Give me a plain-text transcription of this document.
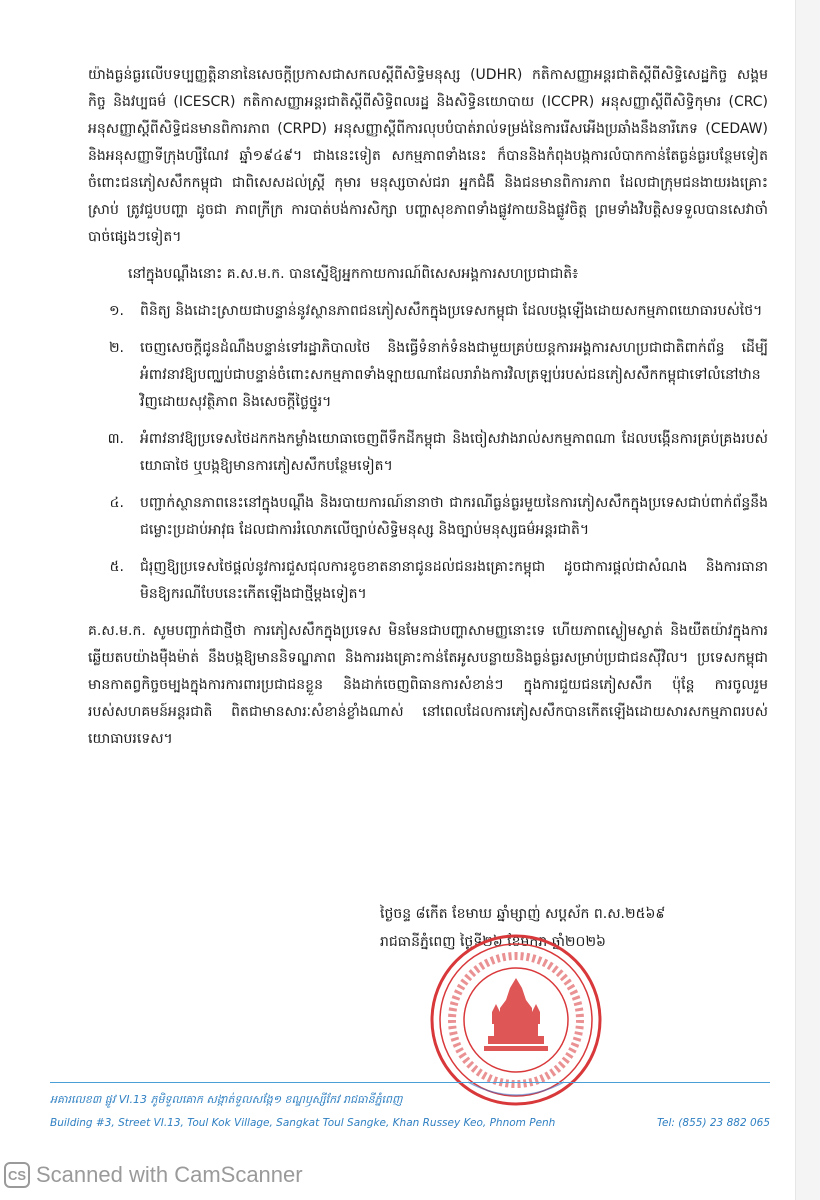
យ៉ាងធ្ងន់ធ្ងរលើបទប្បញ្ញត្តិនានានៃសេចក្តីប្រកាសជាសកលស្តីពីសិទ្ធិមនុស្ស (UDHR) កតិកាសញ្ញាអន្តរជាតិស្តីពីសិទ្ធិសេដ្ឋកិច្ច សង្គមកិច្ច និងវប្បធម៌ (ICESCR) កតិកាសញ្ញាអន្តរជាតិស្តីពីសិទ្ធិពលរដ្ឋ និងសិទ្ធិនយោបាយ (ICCPR) អនុសញ្ញាស្តីពីសិទ្ធិកុមារ (CRC) អនុសញ្ញាស្តីពីសិទ្ធិជនមានពិការភាព (CRPD) អនុសញ្ញាស្តីពីការលុបបំបាត់រាល់ទម្រង់នៃការរើសអើងប្រឆាំងនឹងនារីភេទ (CEDAW) និងអនុសញ្ញាទីក្រុងហ្សឺណែវ ឆ្នាំ១៩៤៩។ ជាងនេះទៀត សកម្មភាពទាំងនេះ ក៏បាននិងកំពុងបង្កការលំបាកកាន់តែធ្ងន់ធ្ងរបន្ថែមទៀតចំពោះជនភៀសសឹកកម្ពុជា ជាពិសេសដល់ស្ត្រី កុមារ មនុស្សចាស់ជរា អ្នកជំងឺ និងជនមានពិការភាព ដែលជាក្រុមជនងាយរងគ្រោះស្រាប់ ត្រូវជួបបញ្ហា ដូចជា ភាពក្រីក្រ ការបាត់បង់ការសិក្សា បញ្ហាសុខភាពទាំងផ្លូវកាយនិងផ្លូវចិត្ត ព្រមទាំងវិបត្តិសទទួលបានសេវាចាំបាច់ផ្សេងៗទៀត។

នៅក្នុងបណ្តឹងនោះ គ.ស.ម.ក. បានស្នើឱ្យអ្នកកាយការណ៍ពិសេសអង្គការសហប្រជាជាតិ៖

១.	ពិនិត្យ និងដោះស្រាយជាបន្ទាន់នូវស្ថានភាពជនភៀសសឹកក្នុងប្រទេសកម្ពុជា ដែលបង្កឡើងដោយសកម្មភាពយោធារបស់ថៃ។
២.	ចេញសេចក្តីជូនដំណឹងបន្ទាន់ទៅរដ្ឋាភិបាលថៃ និងធ្វើទំនាក់ទំនងជាមួយគ្រប់យន្តការអង្គការសហប្រជាជាតិពាក់ព័ន្ធ ដើម្បីអំពាវនាវឱ្យបញ្ឈប់ជាបន្ទាន់ចំពោះសកម្មភាពទាំងឡាយណាដែលរារាំងការវិលត្រឡប់របស់ជនភៀសសឹកកម្ពុជាទៅលំនៅឋានវិញដោយសុវត្ថិភាព និងសេចក្តីថ្លៃថ្នូរ។
៣.	អំពាវនាវឱ្យប្រទេសថៃដកកងកម្លាំងយោធាចេញពីទឹកដីកម្ពុជា និងចៀសវាងរាល់សកម្មភាពណា ដែលបង្កើនការគ្រប់គ្រងរបស់យោធាថៃ ឬបង្កឱ្យមានការភៀសសឹកបន្ថែមទៀត។
៤.	បញ្ជាក់ស្ថានភាពនេះនៅក្នុងបណ្តឹង និងរបាយការណ៍នានាថា ជាករណីធ្ងន់ធ្ងរមួយនៃការភៀសសឹកក្នុងប្រទេសជាប់ពាក់ព័ន្ធនឹងជម្លោះប្រដាប់អាវុធ ដែលជាការរំលោភលើច្បាប់សិទ្ធិមនុស្ស និងច្បាប់មនុស្សធម៌អន្តរជាតិ។
៥.	ជំរុញឱ្យប្រទេសថៃផ្តល់នូវការជួសជុលការខូចខាតនានាជូនដល់ជនរងគ្រោះកម្ពុជា ដូចជាការផ្តល់ជាសំណង និងការធានាមិនឱ្យករណីបែបនេះកើតឡើងជាថ្មីម្តងទៀត។

គ.ស.ម.ក. សូមបញ្ជាក់ជាថ្មីថា ការភៀសសឹកក្នុងប្រទេស មិនមែនជាបញ្ហាសាមញ្ញនោះទេ ហើយភាពស្ងៀមស្ងាត់ និងយឺតយ៉ាវក្នុងការឆ្លើយតបយ៉ាងម៉ឺងម៉ាត់ នឹងបង្កឱ្យមាននិទណ្ឌភាព និងការរងគ្រោះកាន់តែអូសបន្លាយនិងធ្ងន់ធ្ងរសម្រាប់ប្រជាជនស៊ីវិល។ ប្រទេសកម្ពុជា មានកាតព្វកិច្ចចម្បងក្នុងការការពារប្រជាជនខ្លួន និងដាក់ចេញពិធានការសំខាន់ៗ ក្នុងការជួយជនភៀសសឹក ប៉ុន្តែ ការចូលរួមរបស់សហគមន៍អន្តរជាតិ ពិតជាមានសារៈសំខាន់ខ្លាំងណាស់ នៅពេលដែលការភៀសសឹកបានកើតឡើងដោយសារសកម្មភាពរបស់យោធាបរទេស។

ថ្ងៃចន្ទ ៨កើត ខែមាឃ ឆ្នាំម្សាញ់ សប្តស័ក ព.ស.២៥៦៩
រាជធានីភ្នំពេញ ថ្ងៃទី២៦ ខែមករា ឆ្នាំ២០២៦
អគារលេខ៣ ផ្លូវ VI.13 ភូមិទួលគោក សង្កាត់ទួលសង្កែ១ ខណ្ឌឫស្សីកែវ រាជធានីភ្នំពេញ
Building #3, Street VI.13, Toul Kok Village, Sangkat Toul Sangke, Khan Russey Keo, Phnom Penh	Tel: (855) 23 882 065
CS Scanned with CamScanner
